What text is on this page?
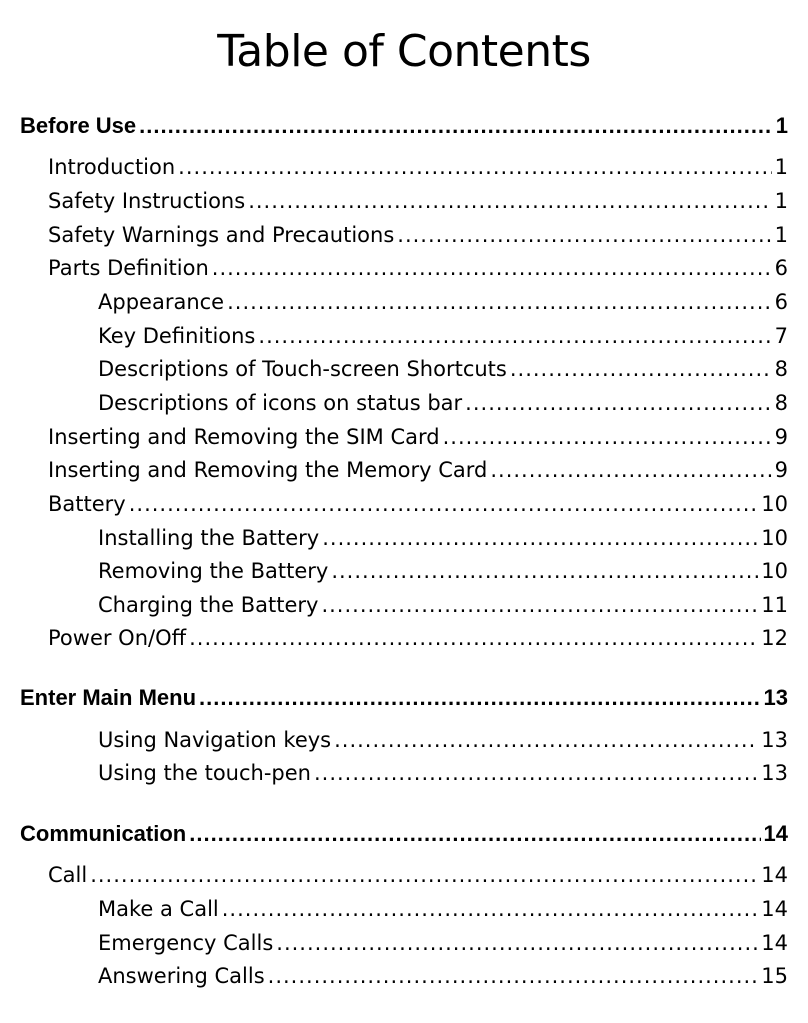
Table of Contents
Before Use .....	1
Introduction .....	1
Safety Instructions .....	1
Safety Warnings and Precautions .....	1
Parts Definition .....	6
Appearance .....	6
Key Definitions .....	7
Descriptions of Touch-screen Shortcuts .....	8
Descriptions of icons on status bar .....	8
Inserting and Removing the SIM Card .....	9
Inserting and Removing the Memory Card .....	9
Battery .....	10
Installing the Battery .....	10
Removing the Battery .....	10
Charging the Battery .....	11
Power On/Off .....	12
Enter Main Menu .....	13
Using Navigation keys .....	13
Using the touch-pen .....	13
Communication .....	14
Call .....	14
Make a Call .....	14
Emergency Calls .....	14
Answering Calls .....	15
